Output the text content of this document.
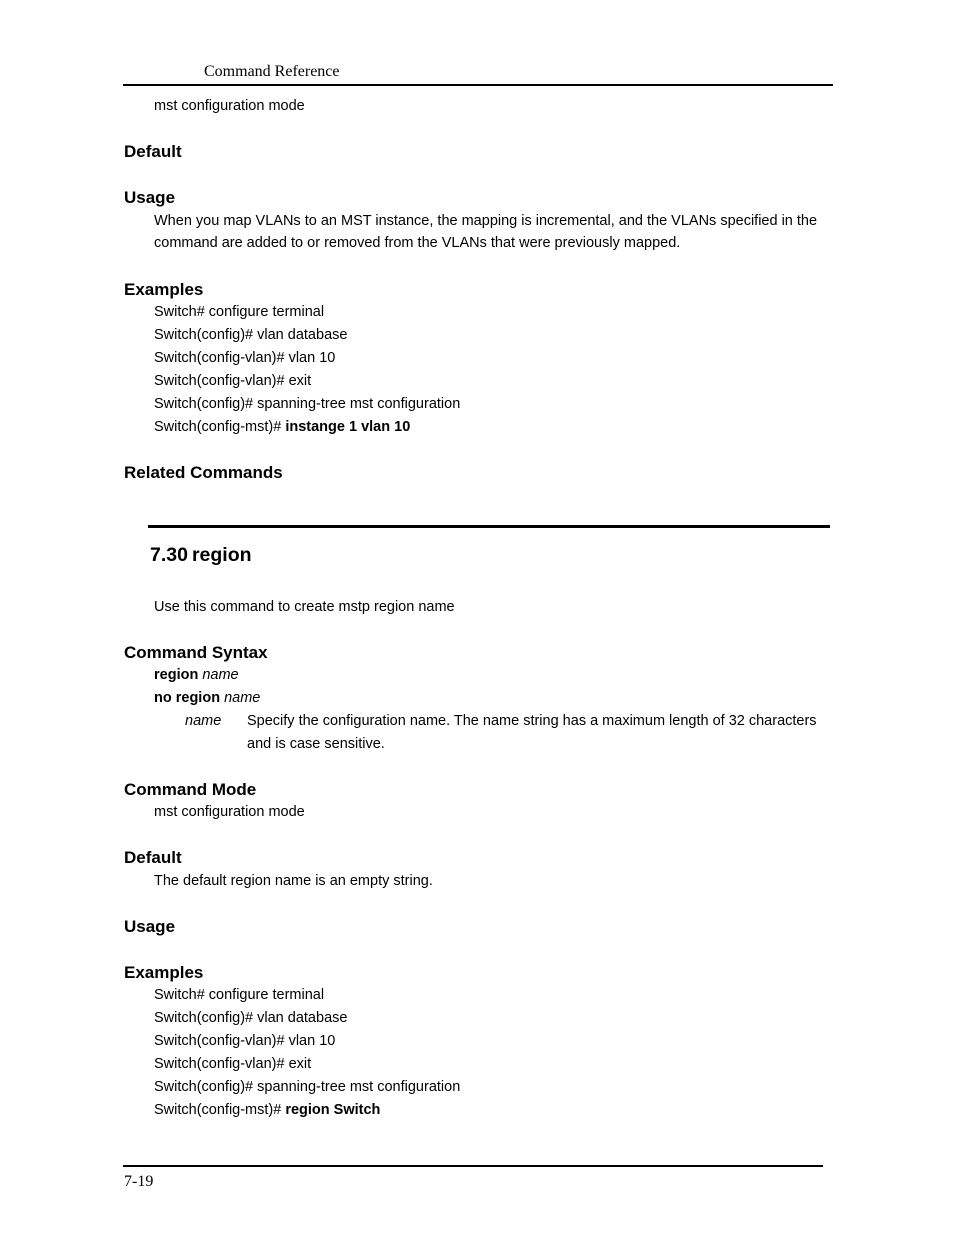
Command Reference
mst configuration mode
Default
Usage
When you map VLANs to an MST instance, the mapping is incremental, and the VLANs specified in the
command are added to or removed from the VLANs that were previously mapped.
Examples
Switch# configure terminal
Switch(config)# vlan database
Switch(config-vlan)# vlan 10
Switch(config-vlan)# exit
Switch(config)# spanning-tree mst configuration
Switch(config-mst)# instange 1 vlan 10
Related Commands
7.30 region
Use this command to create mstp region name
Command Syntax
region name
no region name
name Specify the configuration name. The name string has a maximum length of 32 characters
and is case sensitive.
Command Mode
mst configuration mode
Default
The default region name is an empty string.
Usage
Examples
Switch# configure terminal
Switch(config)# vlan database
Switch(config-vlan)# vlan 10
Switch(config-vlan)# exit
Switch(config)# spanning-tree mst configuration
Switch(config-mst)# region Switch
7-19
